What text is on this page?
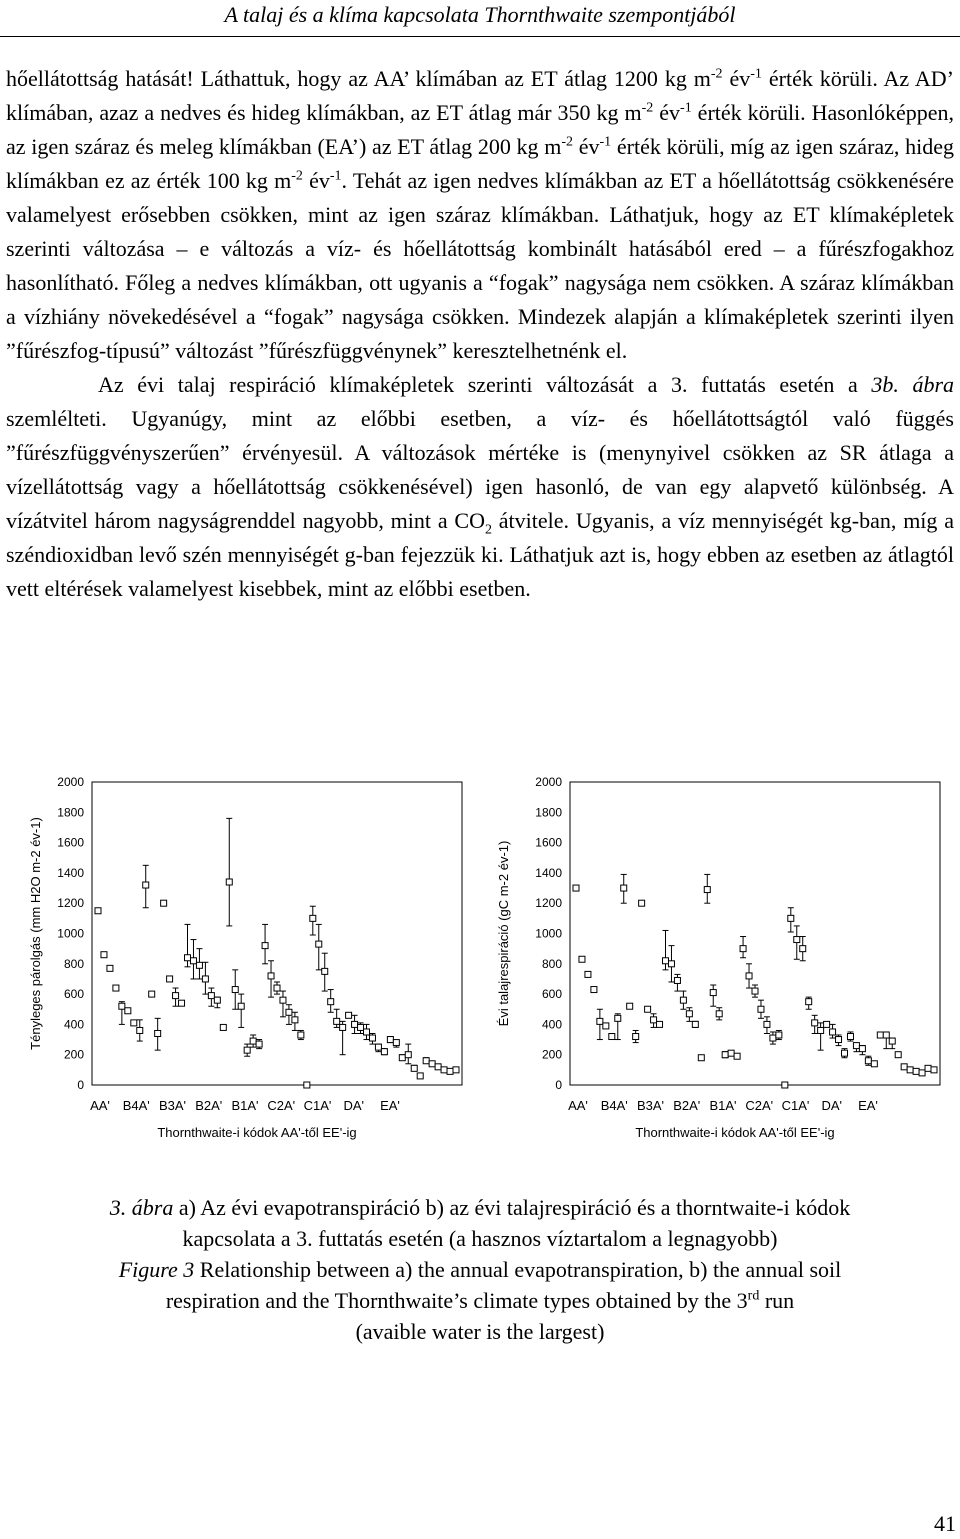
A talaj és a klíma kapcsolata Thornthwaite szempontjából

hőellátottság hatását! Láthattuk, hogy az AA’ klímában az ET átlag 1200 kg $m^{-2}$ $év^{-1}$ érték körüli. Az AD’ klímában, azaz a nedves és hideg klímákban, az ET átlag már 350 kg $m^{-2}$ $év^{-1}$ érték körüli. Hasonlóképpen, az igen száraz és meleg klímákban (EA’) az ET átlag 200 kg $m^{-2}$ $év^{-1}$ érték körüli, míg az igen száraz, hideg klímákban ez az érték 100 kg $m^{-2}$ $év^{-1}$. Tehát az igen nedves klímákban az ET a hőellátottság csökkenésére valamelyest erősebben csökken, mint az igen száraz klímákban. Láthatjuk, hogy az ET klímaképletek szerinti változása – e változás a víz- és hőellátottság kombinált hatásából ered – a fűrészfogakhoz hasonlítható. Főleg a nedves klímákban, ott ugyanis a “fogak” nagysága nem csökken. A száraz klímákban a vízhiány növekedésével a “fogak” nagysága csökken. Mindezek alapján a klímaképletek szerinti ilyen ”fűrészfog-típusú” változást ”fűrészfüggvénynek” keresztelhetnénk el.

Az évi talaj respiráció klímaképletek szerinti változását a 3. futtatás esetén a 3b. ábra szemlélteti. Ugyanúgy, mint az előbbi esetben, a víz- és hőellátottságtól való függés ”fűrészfüggvényszerűen” érvényesül. A változások mértéke is (menynyivel csökken az SR átlaga a vízellátottság vagy a hőellátottság csökkenésével) igen hasonló, de van egy alapvető különbség. A vízátvitel három nagyságrenddel nagyobb, mint a $CO_2$ átvitele. Ugyanis, a víz mennyiségét kg-ban, míg a széndioxidban levő szén mennyiségét g-ban fejezzük ki. Láthatjuk azt is, hogy ebben az esetben az átlagtól vett eltérések valamelyest kisebbek, mint az előbbi esetben.

0
200
400
600
800
1000
1200
1400
1600
1800
2000
AA' B4A' B3A' B2A' B1A' C2A' C1A' DA' EA'
Thornthwaite-i kódok AA'-től EE'-ig
Tényleges párolgás (mm H2O m-2 év-1)
0
200
400
600
800
1000
1200
1400
1600
1800
2000
AA' B4A' B3A' B2A' B1A' C2A' C1A' DA' EA'
Thornthwaite-i kódok AA'-től EE'-ig
Évi talajrespiráció (gC m-2 év-1)
3. ábra a) Az évi evapotranspiráció b) az évi talajrespiráció és a thorntwaite-i kódok
kapcsolata a 3. futtatás esetén (a hasznos víztartalom a legnagyobb)
Figure 3 Relationship between a) the annual evapotranspiration, b) the annual soil
respiration and the Thornthwaite’s climate types obtained by the 3rd run
(avaible water is the largest)
41
